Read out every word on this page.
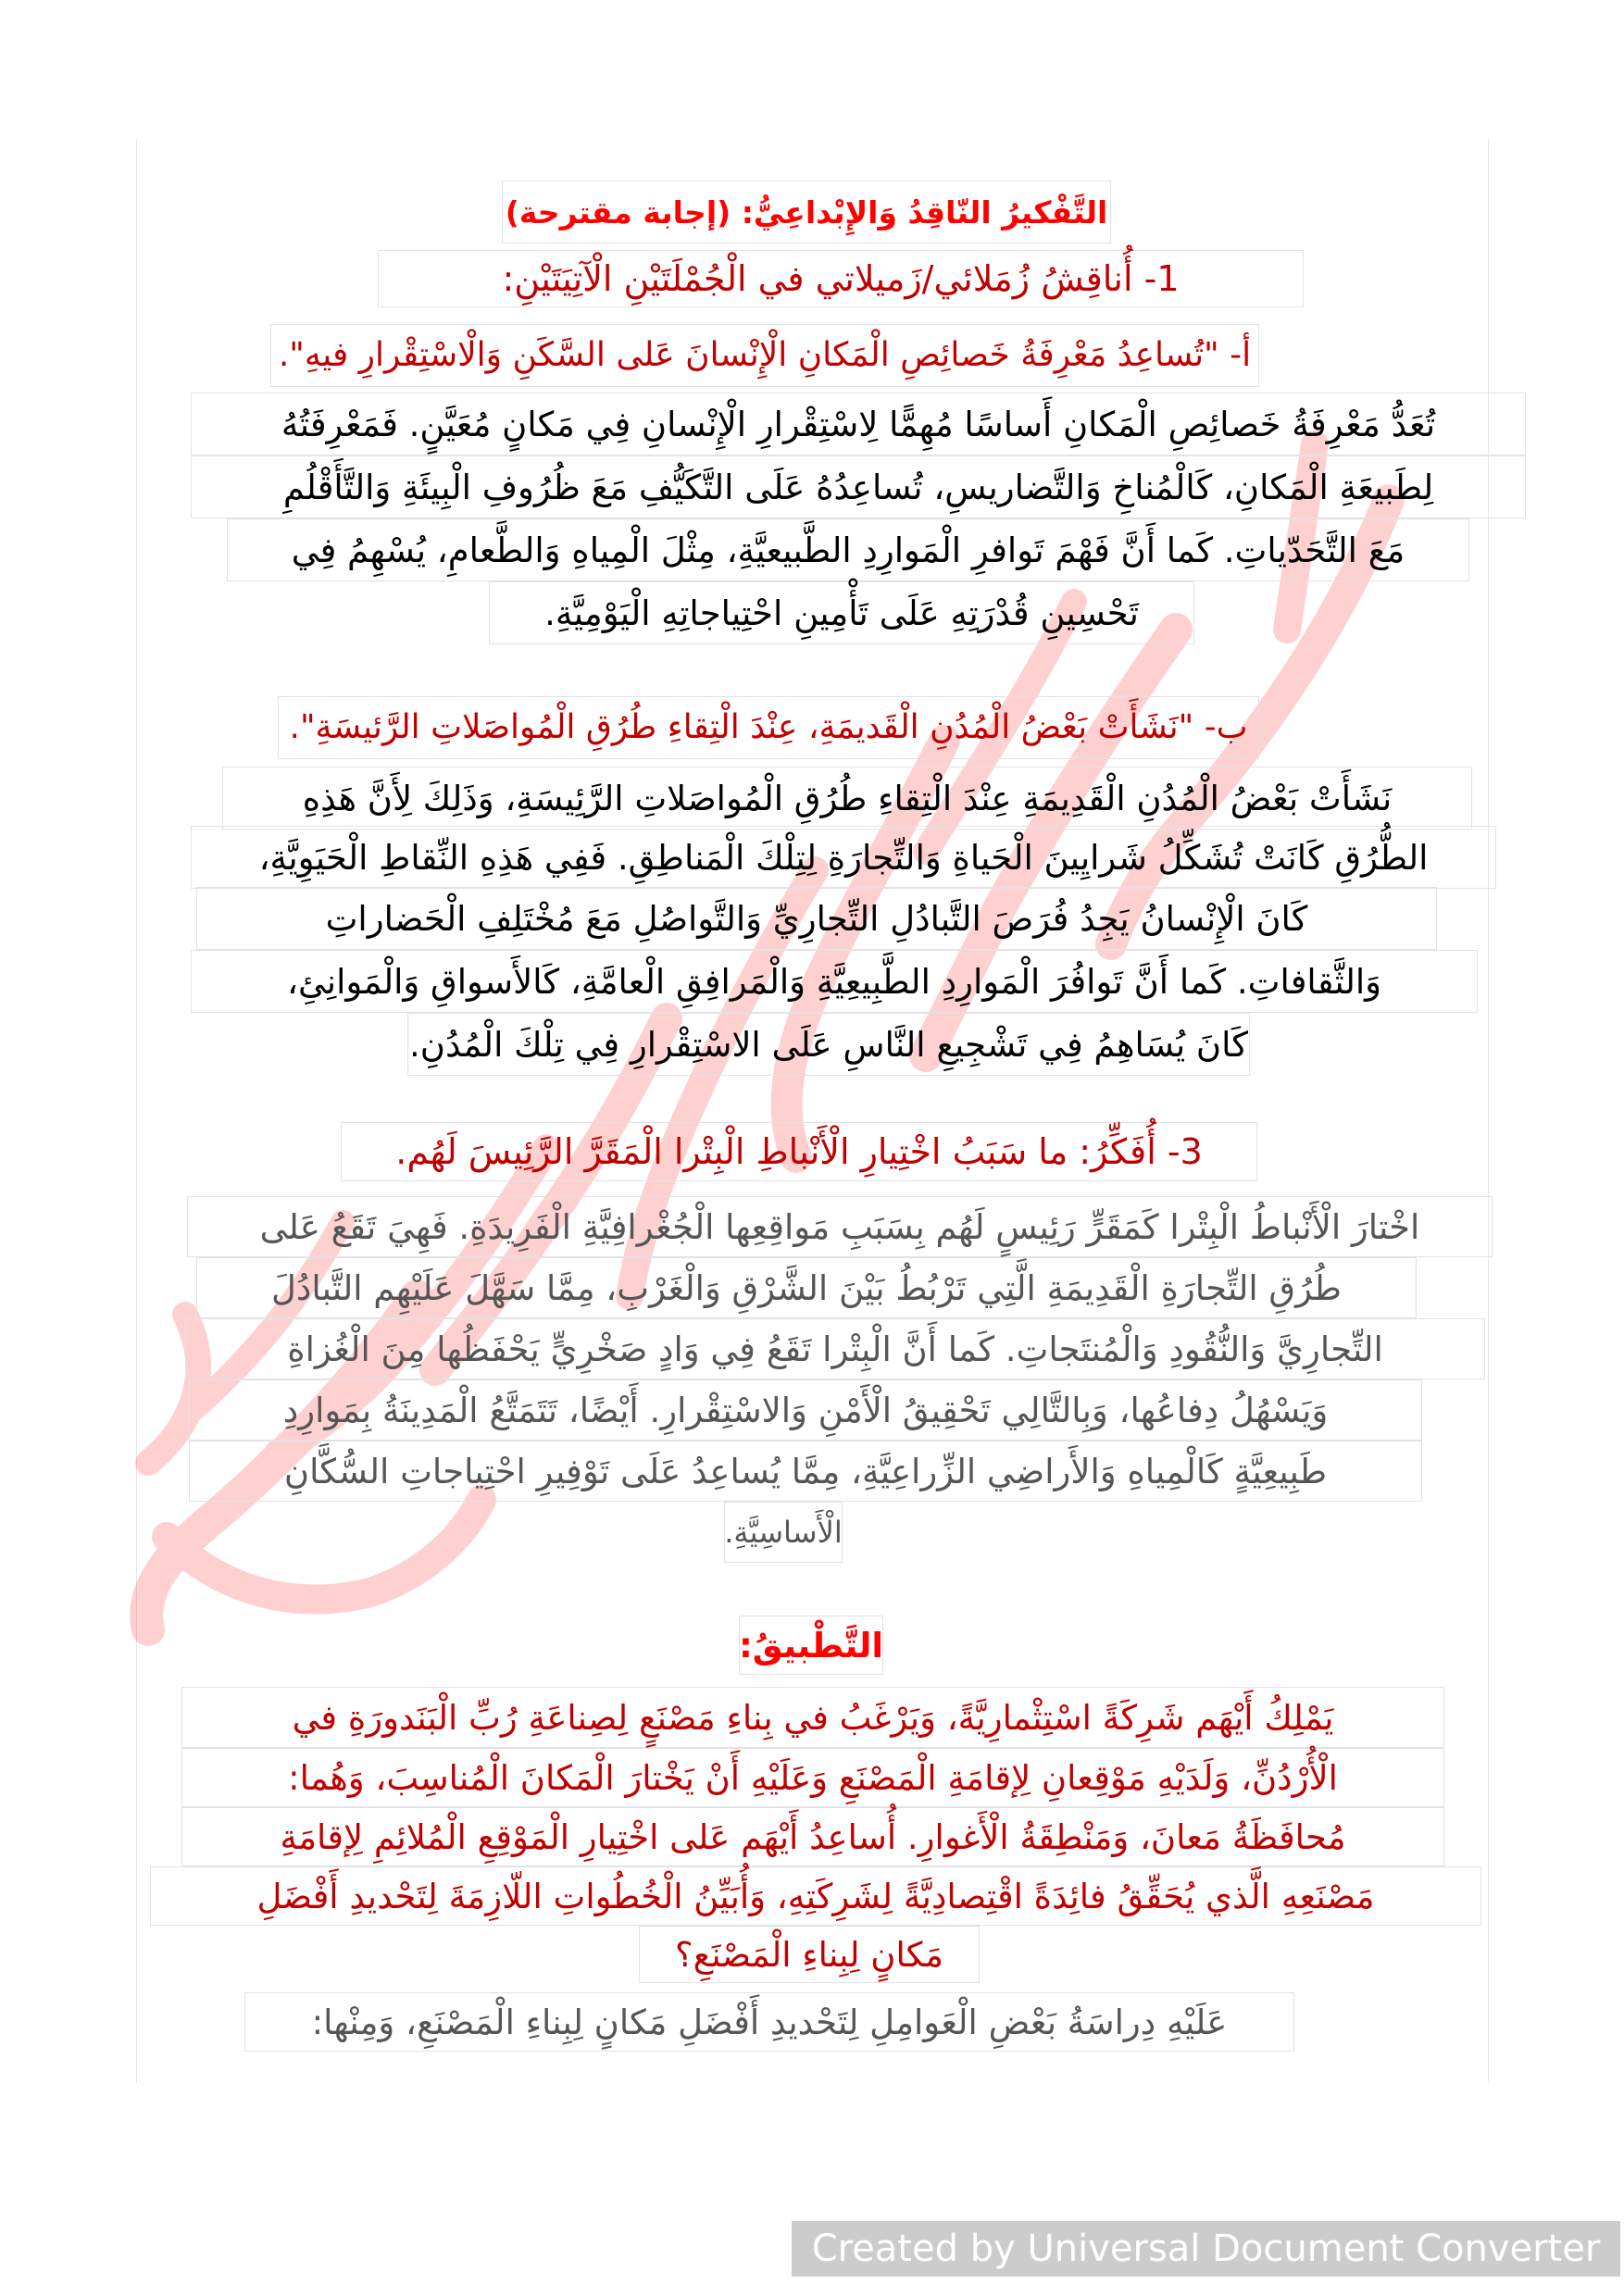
التَّفْكيرُ النّاقِدُ وَالإِبْداعِيُّ: (إجابة مقترحة)
1- أُناقِشُ زُمَلائي/زَميلاتي في الْجُمْلَتَيْنِ الْآتِيَتَيْنِ:
أ- "تُساعِدُ مَعْرِفَةُ خَصائِصِ الْمَكانِ الْإِنْسانَ عَلى السَّكَنِ وَالْاسْتِقْرارِ فيهِ".
تُعَدُّ مَعْرِفَةُ خَصائِصِ الْمَكانِ أَساسًا مُهِمًّا لِاسْتِقْرارِ الْإِنْسانِ فِي مَكانٍ مُعَيَّنٍ. فَمَعْرِفَتُهُ
لِطَبيعَةِ الْمَكانِ، كَالْمُناخِ وَالتَّضاريسِ، تُساعِدُهُ عَلَى التَّكَيُّفِ مَعَ ظُرُوفِ الْبِيئَةِ وَالتَّأَقْلُمِ
مَعَ التَّحَدّياتِ. كَما أَنَّ فَهْمَ تَوافرِ الْمَوارِدِ الطَّبيعيَّةِ، مِثْلَ الْمِياهِ وَالطَّعامِ، يُسْهِمُ فِي
تَحْسِينِ قُدْرَتِهِ عَلَى تَأْمِينِ احْتِياجاتِهِ الْيَوْمِيَّةِ.
ب- "نَشَأَتْ بَعْضُ الْمُدُنِ الْقَديمَةِ، عِنْدَ الْتِقاءِ طُرُقِ الْمُواصَلاتِ الرَّئيسَةِ".
نَشَأَتْ بَعْضُ الْمُدُنِ الْقَدِيمَةِ عِنْدَ الْتِقاءِ طُرُقِ الْمُواصَلاتِ الرَّئِيسَةِ، وَذَلِكَ لِأَنَّ هَذِهِ
الطُّرُقِ كَانَتْ تُشَكِّلُ شَرايِينَ الْحَياةِ وَالتِّجارَةِ لِتِلْكَ الْمَناطِقِ. فَفِي هَذِهِ النِّقاطِ الْحَيَوِيَّةِ،
كَانَ الْإِنْسانُ يَجِدُ فُرَصَ التَّبادُلِ التِّجارِيِّ وَالتَّواصُلِ مَعَ مُخْتَلِفِ الْحَضاراتِ
وَالثَّقافاتِ. كَما أَنَّ تَوافُرَ الْمَوارِدِ الطَّبِيعِيَّةِ وَالْمَرافِقِ الْعامَّةِ، كَالأَسواقِ وَالْمَوانِئِ،
كَانَ يُسَاهِمُ فِي تَشْجِيعِ النَّاسِ عَلَى الاسْتِقْرارِ فِي تِلْكَ الْمُدُنِ.
3- أُفَكِّرُ: ما سَبَبُ اخْتِيارِ الْأَنْباطِ الْبِتْرا الْمَقَرَّ الرَّئِيسَ لَهُم.
اخْتارَ الْأَنْباطُ الْبِتْرا كَمَقَرٍّ رَئِيسٍ لَهُم بِسَبَبِ مَواقِعِها الْجُغْرافِيَّةِ الْفَرِيدَةِ. فَهِيَ تَقَعُ عَلى
طُرُقِ التِّجارَةِ الْقَدِيمَةِ الَّتِي تَرْبُطُ بَيْنَ الشَّرْقِ وَالْغَرْبِ، مِمَّا سَهَّلَ عَلَيْهِم التَّبادُلَ
التِّجارِيَّ وَالنُّقُودِ وَالْمُنتَجاتِ. كَما أَنَّ الْبِتْرا تَقَعُ فِي وَادٍ صَخْرِيٍّ يَحْفَظُها مِنَ الْغُزاةِ
وَيَسْهُلُ دِفاعُها، وَبِالتَّالِي تَحْقِيقُ الْأَمْنِ وَالاسْتِقْرارِ. أَيْضًا، تَتَمَتَّعُ الْمَدِينَةُ بِمَوارِدِ
طَبِيعِيَّةٍ كَالْمِياهِ وَالأَراضِي الزِّراعِيَّةِ، مِمَّا يُساعِدُ عَلَى تَوْفِيرِ احْتِياجاتِ السُّكَّانِ
الْأَساسِيَّةِ.
التَّطْبيقُ:
يَمْلِكُ أَيْهَم شَرِكَةً اسْتِثْمارِيَّةً، وَيَرْغَبُ في بِناءِ مَصْنَعٍ لِصِناعَةِ رُبِّ الْبَنَدورَةِ في
الْأُرْدُنِّ، وَلَدَيْهِ مَوْقِعانِ لِإقامَةِ الْمَصْنَعِ وَعَلَيْهِ أَنْ يَخْتارَ الْمَكانَ الْمُناسِبَ، وَهُما:
مُحافَظَةُ مَعانَ، وَمَنْطِقَةُ الْأَغوارِ. أُساعِدُ أَيْهَم عَلى اخْتِيارِ الْمَوْقِعِ الْمُلائِمِ لِإقامَةِ
مَصْنَعِهِ الَّذي يُحَقِّقُ فائِدَةً اقْتِصادِيَّةً لِشَرِكَتِهِ، وَأُبَيِّنُ الْخُطُواتِ اللّازِمَةَ لِتَحْديدِ أَفْضَلِ
مَكانٍ لِبِناءِ الْمَصْنَعِ؟
عَلَيْهِ دِراسَةُ بَعْضِ الْعَوامِلِ لِتَحْديدِ أَفْضَلِ مَكانٍ لِبِناءِ الْمَصْنَعِ، وَمِنْها:
Created by Universal Document Converter
